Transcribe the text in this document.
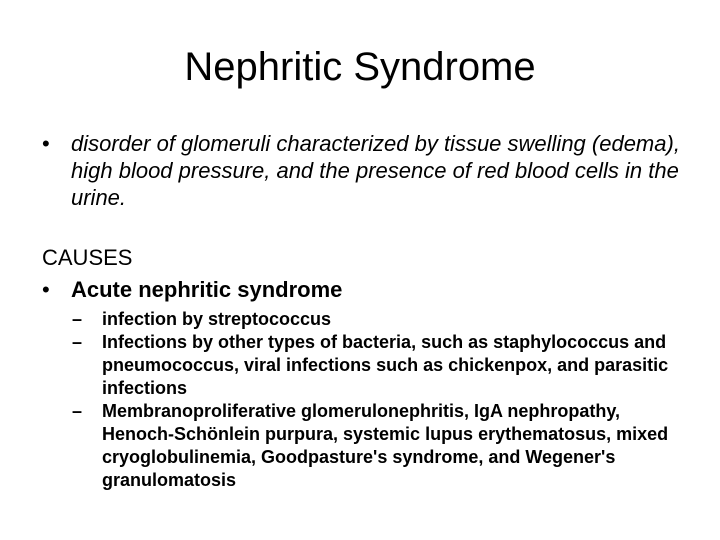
Nephritic Syndrome
• disorder of glomeruli characterized by tissue swelling (edema), high blood pressure, and the presence of red blood cells in the urine.
CAUSES
• Acute nephritic syndrome
– infection by streptococcus
– Infections by other types of bacteria, such as staphylococcus and pneumococcus, viral infections such as chickenpox, and parasitic infections
– Membranoproliferative glomerulonephritis, IgA nephropathy, Henoch-Schönlein purpura, systemic lupus erythematosus, mixed cryoglobulinemia, Goodpasture's syndrome, and Wegener's granulomatosis
